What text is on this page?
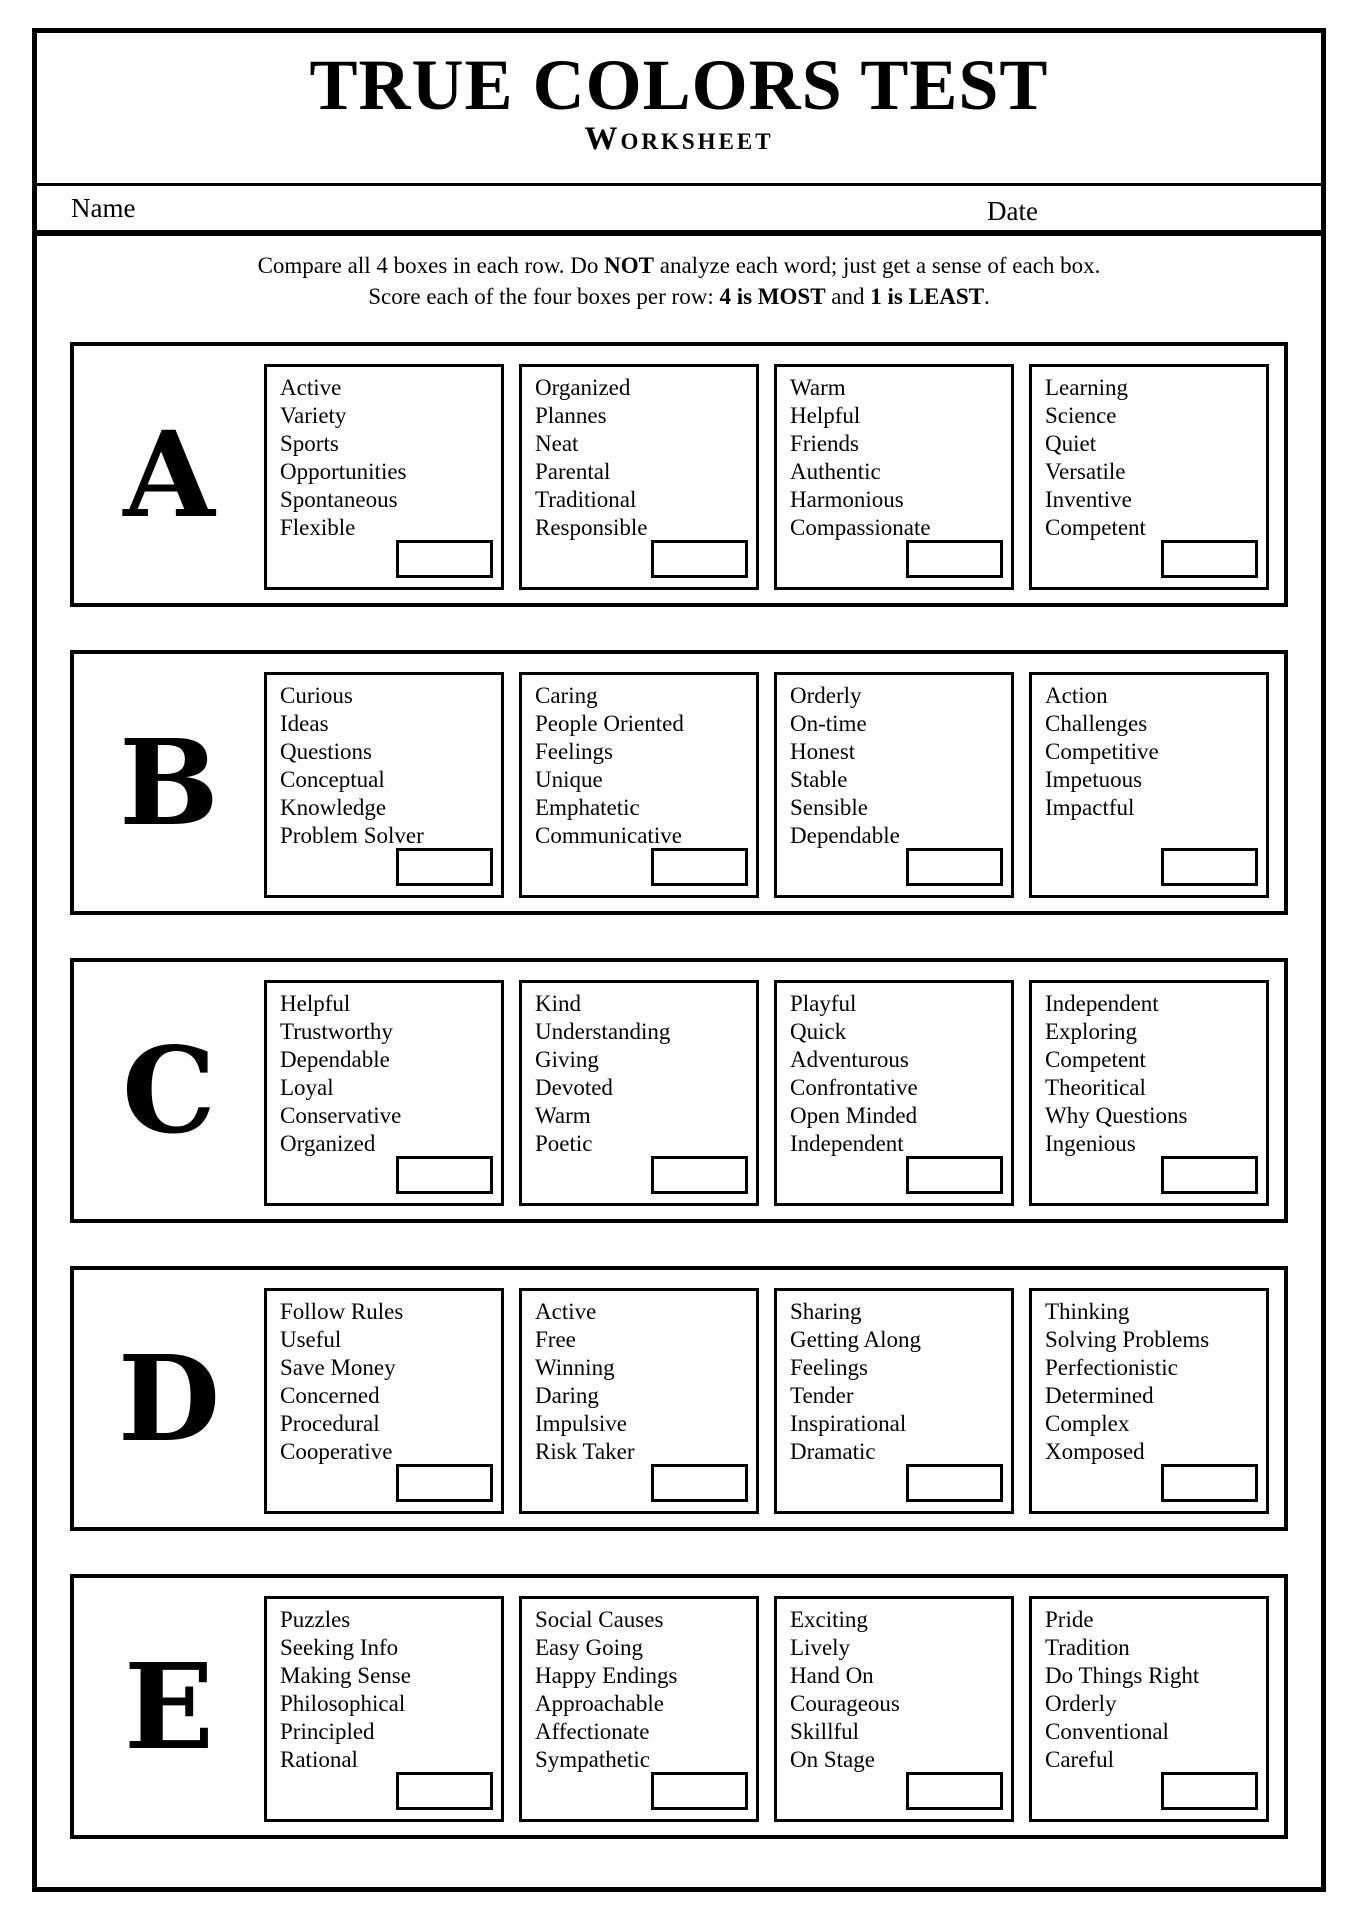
TRUE COLORS TEST
Worksheet
Name	Date
Compare all 4 boxes in each row. Do NOT analyze each word; just get a sense of each box.
Score each of the four boxes per row: 4 is MOST and 1 is LEAST.
A
Active
Variety
Sports
Opportunities
Spontaneous
Flexible
Organized
Plannes
Neat
Parental
Traditional
Responsible
Warm
Helpful
Friends
Authentic
Harmonious
Compassionate
Learning
Science
Quiet
Versatile
Inventive
Competent
B
Curious
Ideas
Questions
Conceptual
Knowledge
Problem Solver
Caring
People Oriented
Feelings
Unique
Emphatetic
Communicative
Orderly
On-time
Honest
Stable
Sensible
Dependable
Action
Challenges
Competitive
Impetuous
Impactful
C
Helpful
Trustworthy
Dependable
Loyal
Conservative
Organized
Kind
Understanding
Giving
Devoted
Warm
Poetic
Playful
Quick
Adventurous
Confrontative
Open Minded
Independent
Independent
Exploring
Competent
Theoritical
Why Questions
Ingenious
D
Follow Rules
Useful
Save Money
Concerned
Procedural
Cooperative
Active
Free
Winning
Daring
Impulsive
Risk Taker
Sharing
Getting Along
Feelings
Tender
Inspirational
Dramatic
Thinking
Solving Problems
Perfectionistic
Determined
Complex
Xomposed
E
Puzzles
Seeking Info
Making Sense
Philosophical
Principled
Rational
Social Causes
Easy Going
Happy Endings
Approachable
Affectionate
Sympathetic
Exciting
Lively
Hand On
Courageous
Skillful
On Stage
Pride
Tradition
Do Things Right
Orderly
Conventional
Careful
